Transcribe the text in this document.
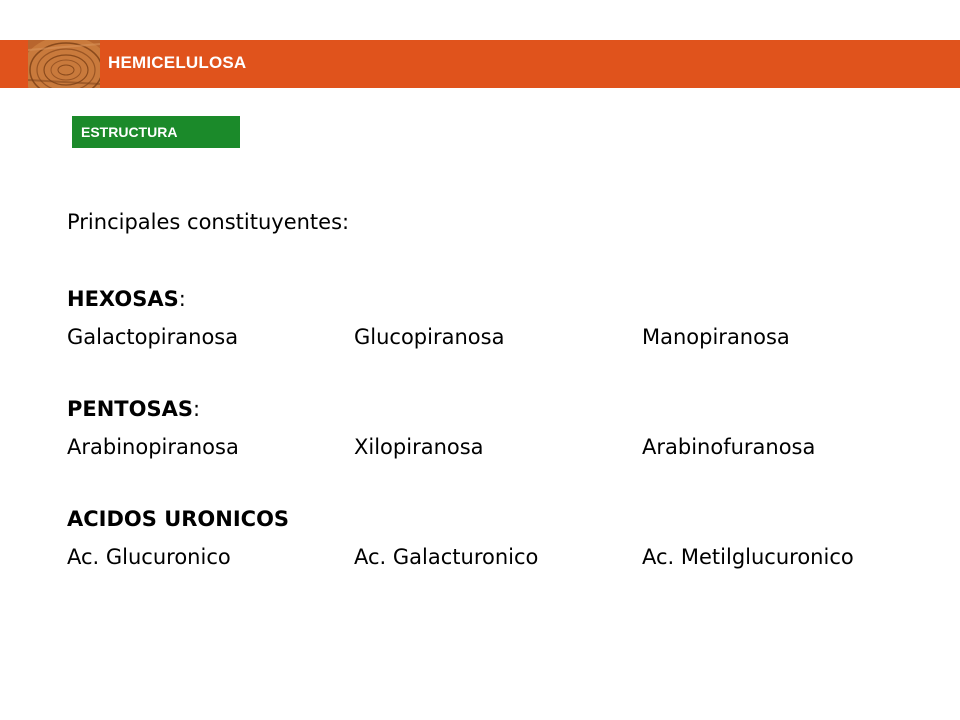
HEMICELULOSA
ESTRUCTURA
Principales constituyentes:
HEXOSAS:
Galactopiranosa	Glucopiranosa	Manopiranosa
PENTOSAS:
Arabinopiranosa	Xilopiranosa	Arabinofuranosa
ACIDOS URONICOS
Ac. Glucuronico	Ac. Galacturonico	Ac. Metilglucuronico
